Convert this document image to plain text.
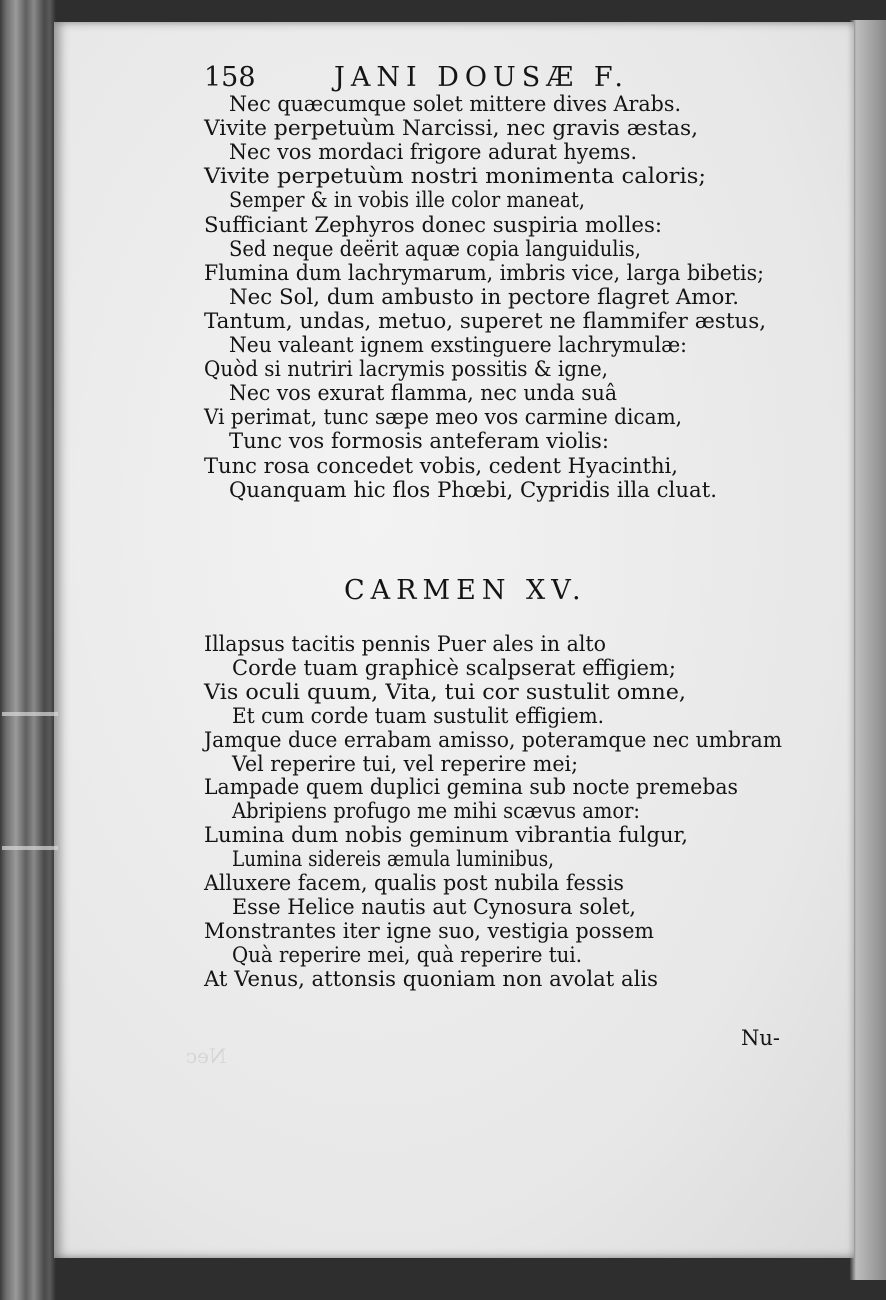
158	JANI DOUSÆ F.
Nec quæcumque solet mittere dives Arabs.
Vivite perpetuùm Narcissi, nec gravis æstas,
Nec vos mordaci frigore adurat hyems.
Vivite perpetuùm nostri monimenta caloris;
Semper & in vobis ille color maneat,
Sufficiant Zephyros donec suspiria molles:
Sed neque deërit aquæ copia languidulis,
Flumina dum lachrymarum, imbris vice, larga bibetis;
Nec Sol, dum ambusto in pectore flagret Amor.
Tantum, undas, metuo, superet ne flammifer æstus,
Neu valeant ignem exstinguere lachrymulæ:
Quòd si nutriri lacrymis possitis & igne,
Nec vos exurat flamma, nec unda suâ
Vi perimat, tunc sæpe meo vos carmine dicam,
Tunc vos formosis anteferam violis:
Tunc rosa concedet vobis, cedent Hyacinthi,
Quanquam hic flos Phœbi, Cypridis illa cluat.
CARMEN XV.
Illapsus tacitis pennis Puer ales in alto
Corde tuam graphicè scalpserat effigiem;
Vis oculi quum, Vita, tui cor sustulit omne,
Et cum corde tuam sustulit effigiem.
Jamque duce errabam amisso, poteramque nec umbram
Vel reperire tui, vel reperire mei;
Lampade quem duplici gemina sub nocte premebas
Abripiens profugo me mihi scævus amor:
Lumina dum nobis geminum vibrantia fulgur,
Lumina sidereis æmula luminibus,
Alluxere facem, qualis post nubila fessis
Esse Helice nautis aut Cynosura solet,
Monstrantes iter igne suo, vestigia possem
Quà reperire mei, quà reperire tui.
At Venus, attonsis quoniam non avolat alis
Nu-
Nec
